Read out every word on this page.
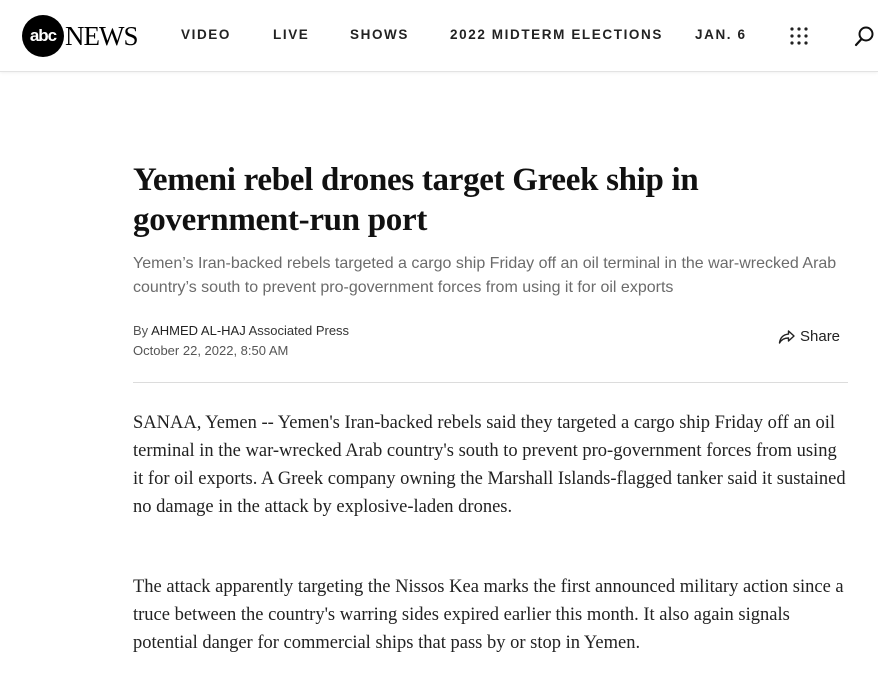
abc NEWS	VIDEO	LIVE	SHOWS	2022 MIDTERM ELECTIONS JAN. 6
Yemeni rebel drones target Greek ship in government-run port

Yemen’s Iran-backed rebels targeted a cargo ship Friday off an oil terminal in the war-wrecked Arab country’s south to prevent pro-government forces from using it for oil exports

By AHMED AL-HAJ Associated Press
October 22, 2022, 8:50 AM
Share

SANAA, Yemen -- Yemen's Iran-backed rebels said they targeted a cargo ship Friday off an oil terminal in the war-wrecked Arab country's south to prevent pro-government forces from using it for oil exports. A Greek company owning the Marshall Islands-flagged tanker said it sustained no damage in the attack by explosive-laden drones.

The attack apparently targeting the Nissos Kea marks the first announced military action since a truce between the country's warring sides expired earlier this month. It also again signals potential danger for commercial ships that pass by or stop in Yemen.
